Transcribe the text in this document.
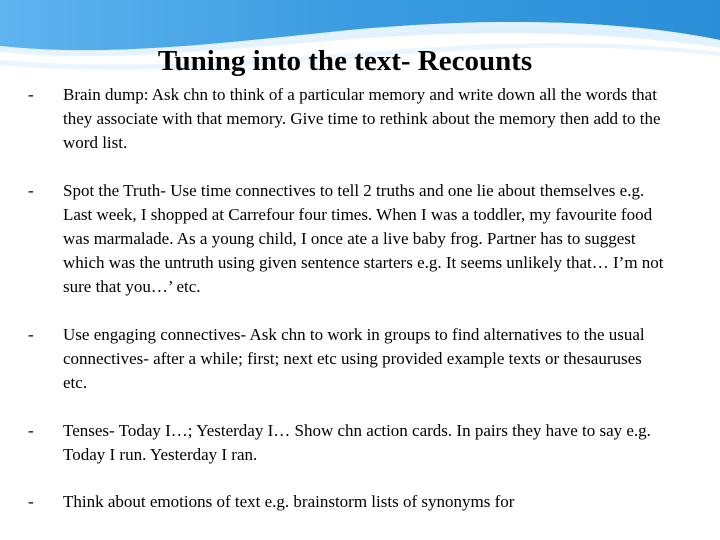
Tuning into the text- Recounts
- Brain dump: Ask chn to think of a particular memory and write down all the words that they associate with that memory. Give time to rethink about the memory then add to the word list.
- Spot the Truth- Use time connectives to tell 2 truths and one lie about themselves e.g. Last week, I shopped at Carrefour four times. When I was a toddler, my favourite food was marmalade. As a young child, I once ate a live baby frog. Partner has to suggest which was the untruth using given sentence starters e.g. It seems unlikely that… I’m not sure that you…’ etc.
- Use engaging connectives- Ask chn to work in groups to find alternatives to the usual connectives- after a while; first; next etc using provided example texts or thesauruses etc.
- Tenses- Today I…; Yesterday I… Show chn action cards. In pairs they have to say e.g. Today I run. Yesterday I ran.
- Think about emotions of text e.g. brainstorm lists of synonyms for
